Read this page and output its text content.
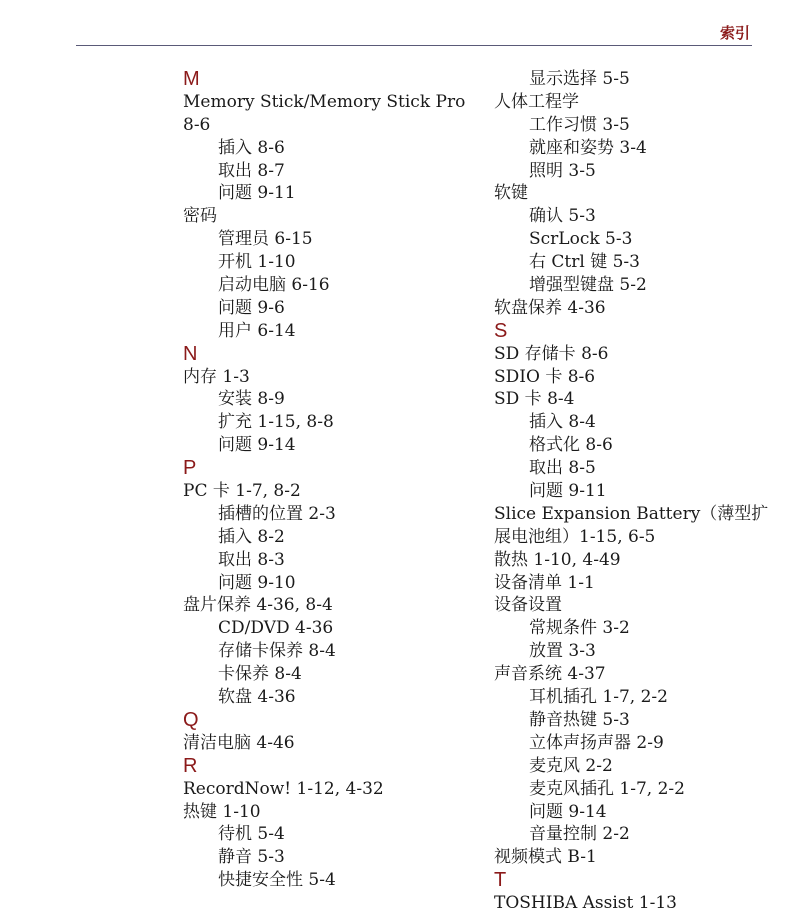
索引
M
Memory Stick/Memory Stick Pro
8-6
插入 8-6
取出 8-7
问题 9-11
密码
管理员 6-15
开机 1-10
启动电脑 6-16
问题 9-6
用户 6-14
N
内存 1-3
安装 8-9
扩充 1-15, 8-8
问题 9-14
P
PC 卡 1-7, 8-2
插槽的位置 2-3
插入 8-2
取出 8-3
问题 9-10
盘片保养 4-36, 8-4
CD/DVD 4-36
存储卡保养 8-4
卡保养 8-4
软盘 4-36
Q
清洁电脑 4-46
R
RecordNow! 1-12, 4-32
热键 1-10
待机 5-4
静音 5-3
快捷安全性 5-4
显示选择 5-5
人体工程学
工作习惯 3-5
就座和姿势 3-4
照明 3-5
软键
确认 5-3
ScrLock 5-3
右 Ctrl 键 5-3
增强型键盘 5-2
软盘保养 4-36
S
SD 存储卡 8-6
SDIO 卡 8-6
SD 卡 8-4
插入 8-4
格式化 8-6
取出 8-5
问题 9-11
Slice Expansion Battery（薄型扩
展电池组）1-15, 6-5
散热 1-10, 4-49
设备清单 1-1
设备设置
常规条件 3-2
放置 3-3
声音系统 4-37
耳机插孔 1-7, 2-2
静音热键 5-3
立体声扬声器 2-9
麦克风 2-2
麦克风插孔 1-7, 2-2
问题 9-14
音量控制 2-2
视频模式 B-1
T
TOSHIBA Assist 1-13
